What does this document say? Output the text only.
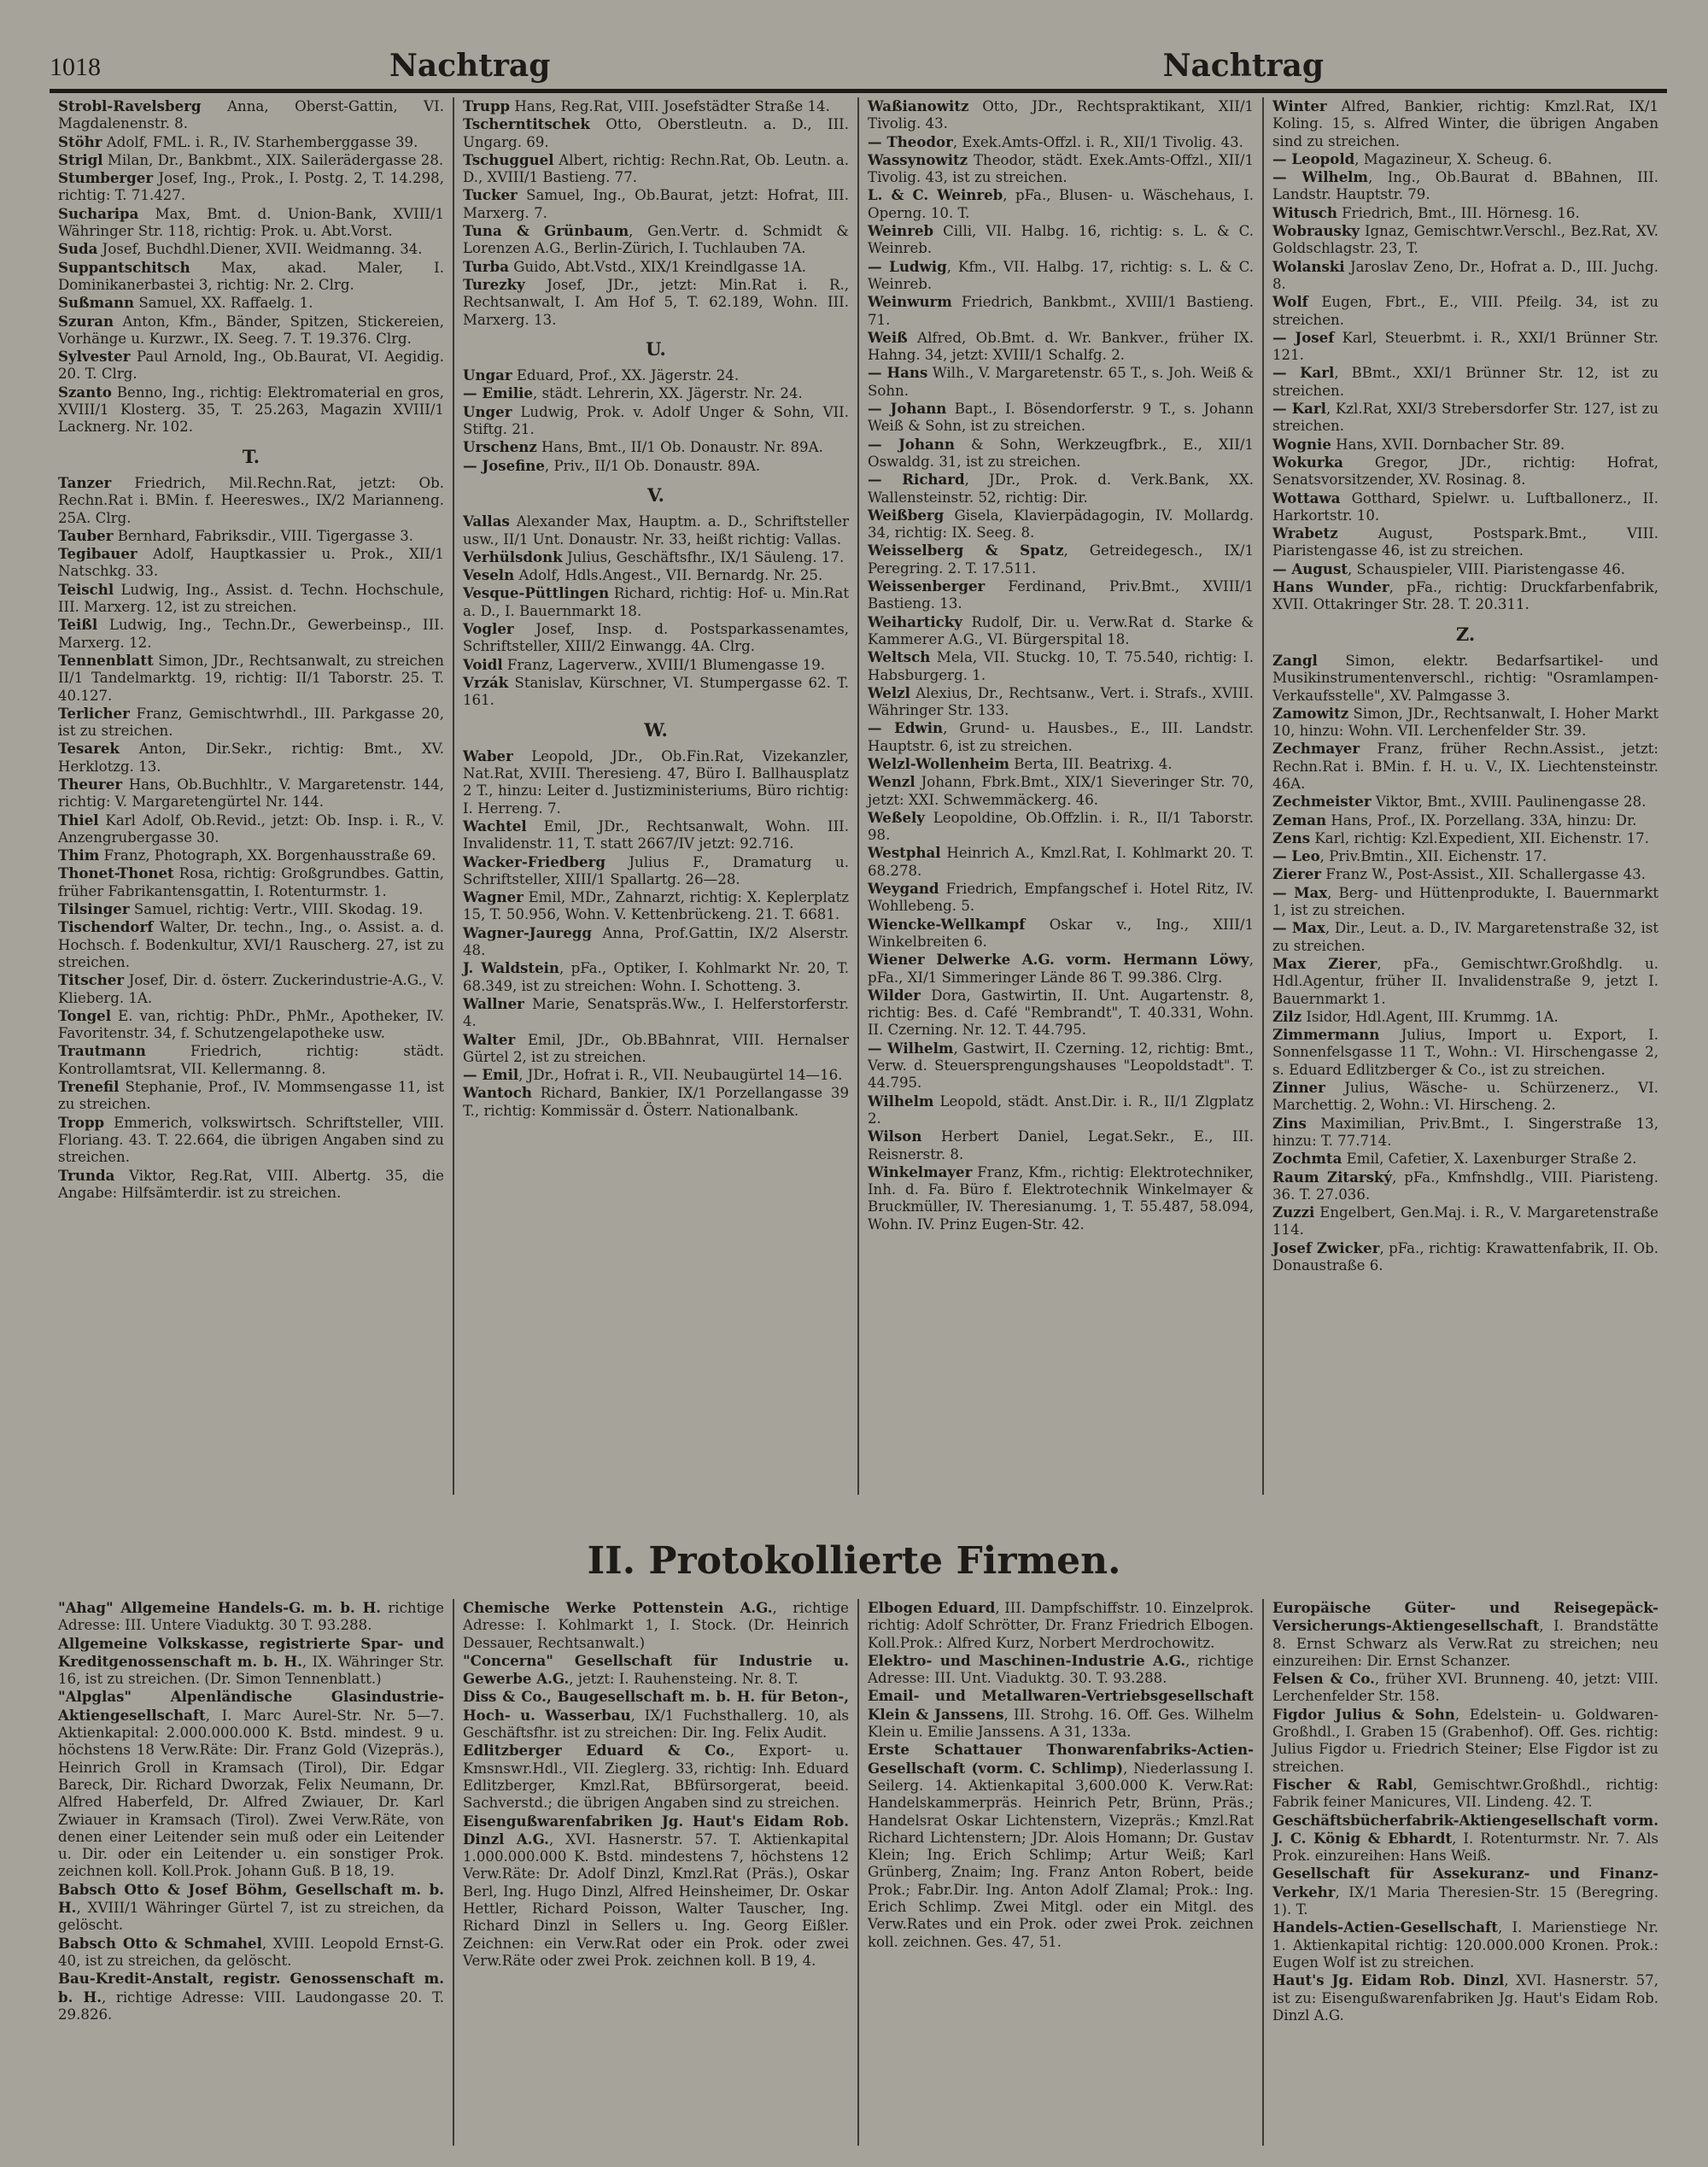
1018	Nachtrag	Nachtrag
Strobl-Ravelsberg Anna, Oberst-Gattin, VI. Magdalenenstr. 8.
Stöhr Adolf, FML. i. R., IV. Starhemberggasse 39.
Strigl Milan, Dr., Bankbmt., XIX. Sailerädergasse 28.
Stumberger Josef, Ing., Prok., I. Postg. 2, T. 14.298, richtig: T. 71.427.
Sucharipa Max, Bmt. d. Union-Bank, XVIII/1 Währinger Str. 118, richtig: Prok. u. Abt.Vorst.
Suda Josef, Buchdhl.Diener, XVII. Weidmanng. 34.
Suppantschitsch Max, akad. Maler, I. Dominikanerbastei 3, richtig: Nr. 2. Clrg.
Sußmann Samuel, XX. Raffaelg. 1.
Szuran Anton, Kfm., Bänder, Spitzen, Stickereien, Vorhänge u. Kurzwr., IX. Seeg. 7. T. 19.376. Clrg.
Sylvester Paul Arnold, Ing., Ob.Baurat, VI. Aegidig. 20. T. Clrg.
Szanto Benno, Ing., richtig: Elektromaterial en gros, XVIII/1 Klosterg. 35, T. 25.263, Magazin XVIII/1 Lacknerg. Nr. 102.
T.
Tanzer Friedrich, Mil.Rechn.Rat, jetzt: Ob. Rechn.Rat i. BMin. f. Heereswes., IX/2 Marianneng. 25A. Clrg.
Tauber Bernhard, Fabriksdir., VIII. Tigergasse 3.
Tegibauer Adolf, Hauptkassier u. Prok., XII/1 Natschkg. 33.
Teischl Ludwig, Ing., Assist. d. Techn. Hochschule, III. Marxerg. 12, ist zu streichen.
Teißl Ludwig, Ing., Techn.Dr., Gewerbeinsp., III. Marxerg. 12.
Tennenblatt Simon, JDr., Rechtsanwalt, zu streichen II/1 Tandelmarktg. 19, richtig: II/1 Taborstr. 25. T. 40.127.
Terlicher Franz, Gemischtwrhdl., III. Parkgasse 20, ist zu streichen.
Tesarek Anton, Dir.Sekr., richtig: Bmt., XV. Herklotzg. 13.
Theurer Hans, Ob.Buchhltr., V. Margaretenstr. 144, richtig: V. Margaretengürtel Nr. 144.
Thiel Karl Adolf, Ob.Revid., jetzt: Ob. Insp. i. R., V. Anzengrubergasse 30.
Thim Franz, Photograph, XX. Borgenhausstraße 69.
Thonet-Thonet Rosa, richtig: Großgrundbes. Gattin, früher Fabrikantensgattin, I. Rotenturmstr. 1.
Tilsinger Samuel, richtig: Vertr., VIII. Skodag. 19.
Tischendorf Walter, Dr. techn., Ing., o. Assist. a. d. Hochsch. f. Bodenkultur, XVI/1 Rauscherg. 27, ist zu streichen.
Titscher Josef, Dir. d. österr. Zuckerindustrie-A.G., V. Klieberg. 1A.
Tongel E. van, richtig: PhDr., PhMr., Apotheker, IV. Favoritenstr. 34, f. Schutzengelapotheke usw.
Trautmann Friedrich, richtig: städt. Kontrollamtsrat, VII. Kellermanng. 8.
Trenefil Stephanie, Prof., IV. Mommsengasse 11, ist zu streichen.
Tropp Emmerich, volkswirtsch. Schriftsteller, VIII. Floriang. 43. T. 22.664, die übrigen Angaben sind zu streichen.
Trunda Viktor, Reg.Rat, VIII. Albertg. 35, die Angabe: Hilfsämterdir. ist zu streichen.
Trupp Hans, Reg.Rat, VIII. Josefstädter Straße 14.
Tscherntitschek Otto, Oberstleutn. a. D., III. Ungarg. 69.
Tschugguel Albert, richtig: Rechn.Rat, Ob. Leutn. a. D., XVIII/1 Bastieng. 77.
Tucker Samuel, Ing., Ob.Baurat, jetzt: Hofrat, III. Marxerg. 7.
Tuna & Grünbaum, Gen.Vertr. d. Schmidt & Lorenzen A.G., Berlin-Zürich, I. Tuchlauben 7A.
Turba Guido, Abt.Vstd., XIX/1 Kreindlgasse 1A.
Turezky Josef, JDr., jetzt: Min.Rat i. R., Rechtsanwalt, I. Am Hof 5, T. 62.189, Wohn. III. Marxerg. 13.
U.
Ungar Eduard, Prof., XX. Jägerstr. 24.
— Emilie, städt. Lehrerin, XX. Jägerstr. Nr. 24.
Unger Ludwig, Prok. v. Adolf Unger & Sohn, VII. Stiftg. 21.
Urschenz Hans, Bmt., II/1 Ob. Donaustr. Nr. 89A.
— Josefine, Priv., II/1 Ob. Donaustr. 89A.
V.
Vallas Alexander Max, Hauptm. a. D., Schriftsteller usw., II/1 Unt. Donaustr. Nr. 33, heißt richtig: Vallas.
Verhülsdonk Julius, Geschäftsfhr., IX/1 Säuleng. 17.
Veseln Adolf, Hdls.Angest., VII. Bernardg. Nr. 25.
Vesque-Püttlingen Richard, richtig: Hof- u. Min.Rat a. D., I. Bauernmarkt 18.
Vogler Josef, Insp. d. Postsparkassenamtes, Schriftsteller, XIII/2 Einwangg. 4A. Clrg.
Voidl Franz, Lagerverw., XVIII/1 Blumengasse 19.
Vrzák Stanislav, Kürschner, VI. Stumpergasse 62. T. 161.
W.
Waber Leopold, JDr., Ob.Fin.Rat, Vizekanzler, Nat.Rat, XVIII. Theresieng. 47, Büro I. Ballhausplatz 2 T., hinzu: Leiter d. Justizministeriums, Büro richtig: I. Herreng. 7.
Wachtel Emil, JDr., Rechtsanwalt, Wohn. III. Invalidenstr. 11, T. statt 2667/IV jetzt: 92.716.
Wacker-Friedberg Julius F., Dramaturg u. Schriftsteller, XIII/1 Spallartg. 26—28.
Wagner Emil, MDr., Zahnarzt, richtig: X. Keplerplatz 15, T. 50.956, Wohn. V. Kettenbrückeng. 21. T. 6681.
Wagner-Jauregg Anna, Prof.Gattin, IX/2 Alserstr. 48.
J. Waldstein, pFa., Optiker, I. Kohlmarkt Nr. 20, T. 68.349, ist zu streichen: Wohn. I. Schotteng. 3.
Wallner Marie, Senatspräs.Ww., I. Helferstorferstr. 4.
Walter Emil, JDr., Ob.BBahnrat, VIII. Hernalser Gürtel 2, ist zu streichen.
— Emil, JDr., Hofrat i. R., VII. Neubaugürtel 14—16.
Wantoch Richard, Bankier, IX/1 Porzellangasse 39 T., richtig: Kommissär d. Österr. Nationalbank.
Waßianowitz Otto, JDr., Rechtspraktikant, XII/1 Tivolig. 43.
— Theodor, Exek.Amts-Offzl. i. R., XII/1 Tivolig. 43.
Wassynowitz Theodor, städt. Exek.Amts-Offzl., XII/1 Tivolig. 43, ist zu streichen.
L. & C. Weinreb, pFa., Blusen- u. Wäschehaus, I. Operng. 10. T.
Weinreb Cilli, VII. Halbg. 16, richtig: s. L. & C. Weinreb.
— Ludwig, Kfm., VII. Halbg. 17, richtig: s. L. & C. Weinreb.
Weinwurm Friedrich, Bankbmt., XVIII/1 Bastieng. 71.
Weiß Alfred, Ob.Bmt. d. Wr. Bankver., früher IX. Hahng. 34, jetzt: XVIII/1 Schalfg. 2.
— Hans Wilh., V. Margaretenstr. 65 T., s. Joh. Weiß & Sohn.
— Johann Bapt., I. Bösendorferstr. 9 T., s. Johann Weiß & Sohn, ist zu streichen.
— Johann & Sohn, Werkzeugfbrk., E., XII/1 Oswaldg. 31, ist zu streichen.
— Richard, JDr., Prok. d. Verk.Bank, XX. Wallensteinstr. 52, richtig: Dir.
Weißberg Gisela, Klavierpädagogin, IV. Mollardg. 34, richtig: IX. Seeg. 8.
Weisselberg & Spatz, Getreidegesch., IX/1 Peregring. 2. T. 17.511.
Weissenberger Ferdinand, Priv.Bmt., XVIII/1 Bastieng. 13.
Weiharticky Rudolf, Dir. u. Verw.Rat d. Starke & Kammerer A.G., VI. Bürgerspital 18.
Weltsch Mela, VII. Stuckg. 10, T. 75.540, richtig: I. Habsburgerg. 1.
Welzl Alexius, Dr., Rechtsanw., Vert. i. Strafs., XVIII. Währinger Str. 133.
— Edwin, Grund- u. Hausbes., E., III. Landstr. Hauptstr. 6, ist zu streichen.
Welzl-Wollenheim Berta, III. Beatrixg. 4.
Wenzl Johann, Fbrk.Bmt., XIX/1 Sieveringer Str. 70, jetzt: XXI. Schwemmäckerg. 46.
Weßely Leopoldine, Ob.Offzlin. i. R., II/1 Taborstr. 98.
Westphal Heinrich A., Kmzl.Rat, I. Kohlmarkt 20. T. 68.278.
Weygand Friedrich, Empfangschef i. Hotel Ritz, IV. Wohllebeng. 5.
Wiencke-Wellkampf Oskar v., Ing., XIII/1 Winkelbreiten 6.
Wiener Delwerke A.G. vorm. Hermann Löwy, pFa., XI/1 Simmeringer Lände 86 T. 99.386. Clrg.
Wilder Dora, Gastwirtin, II. Unt. Augartenstr. 8, richtig: Bes. d. Café "Rembrandt", T. 40.331, Wohn. II. Czerning. Nr. 12. T. 44.795.
— Wilhelm, Gastwirt, II. Czerning. 12, richtig: Bmt., Verw. d. Steuersprengungshauses "Leopoldstadt". T. 44.795.
Wilhelm Leopold, städt. Anst.Dir. i. R., II/1 Zlgplatz 2.
Wilson Herbert Daniel, Legat.Sekr., E., III. Reisnerstr. 8.
Winkelmayer Franz, Kfm., richtig: Elektrotechniker, Inh. d. Fa. Büro f. Elektrotechnik Winkelmayer & Bruckmüller, IV. Theresianumg. 1, T. 55.487, 58.094, Wohn. IV. Prinz Eugen-Str. 42.
Winter Alfred, Bankier, richtig: Kmzl.Rat, IX/1 Koling. 15, s. Alfred Winter, die übrigen Angaben sind zu streichen.
— Leopold, Magazineur, X. Scheug. 6.
— Wilhelm, Ing., Ob.Baurat d. BBahnen, III. Landstr. Hauptstr. 79.
Witusch Friedrich, Bmt., III. Hörnesg. 16.
Wobrausky Ignaz, Gemischtwr.Verschl., Bez.Rat, XV. Goldschlagstr. 23, T.
Wolanski Jaroslav Zeno, Dr., Hofrat a. D., III. Juchg. 8.
Wolf Eugen, Fbrt., E., VIII. Pfeilg. 34, ist zu streichen.
— Josef Karl, Steuerbmt. i. R., XXI/1 Brünner Str. 121.
— Karl, BBmt., XXI/1 Brünner Str. 12, ist zu streichen.
— Karl, Kzl.Rat, XXI/3 Strebersdorfer Str. 127, ist zu streichen.
Wognie Hans, XVII. Dornbacher Str. 89.
Wokurka Gregor, JDr., richtig: Hofrat, Senatsvorsitzender, XV. Rosinag. 8.
Wottawa Gotthard, Spielwr. u. Luftballonerz., II. Harkortstr. 10.
Wrabetz August, Postspark.Bmt., VIII. Piaristengasse 46, ist zu streichen.
— August, Schauspieler, VIII. Piaristengasse 46.
Hans Wunder, pFa., richtig: Druckfarbenfabrik, XVII. Ottakringer Str. 28. T. 20.311.
Z.
Zangl Simon, elektr. Bedarfsartikel- und Musikinstrumentenverschl., richtig: "Osramlampen-Verkaufsstelle", XV. Palmgasse 3.
Zamowitz Simon, JDr., Rechtsanwalt, I. Hoher Markt 10, hinzu: Wohn. VII. Lerchenfelder Str. 39.
Zechmayer Franz, früher Rechn.Assist., jetzt: Rechn.Rat i. BMin. f. H. u. V., IX. Liechtensteinstr. 46A.
Zechmeister Viktor, Bmt., XVIII. Paulinengasse 28.
Zeman Hans, Prof., IX. Porzellang. 33A, hinzu: Dr.
Zens Karl, richtig: Kzl.Expedient, XII. Eichenstr. 17.
— Leo, Priv.Bmtin., XII. Eichenstr. 17.
Zierer Franz W., Post-Assist., XII. Schallergasse 43.
— Max, Berg- und Hüttenprodukte, I. Bauernmarkt 1, ist zu streichen.
— Max, Dir., Leut. a. D., IV. Margaretenstraße 32, ist zu streichen.
Max Zierer, pFa., Gemischtwr.Großhdlg. u. Hdl.Agentur, früher II. Invalidenstraße 9, jetzt I. Bauernmarkt 1.
Zilz Isidor, Hdl.Agent, III. Krummg. 1A.
Zimmermann Julius, Import u. Export, I. Sonnenfelsgasse 11 T., Wohn.: VI. Hirschengasse 2, s. Eduard Edlitzberger & Co., ist zu streichen.
Zinner Julius, Wäsche- u. Schürzenerz., VI. Marchettig. 2, Wohn.: VI. Hirscheng. 2.
Zins Maximilian, Priv.Bmt., I. Singerstraße 13, hinzu: T. 77.714.
Zochmta Emil, Cafetier, X. Laxenburger Straße 2.
Raum Zitarský, pFa., Kmfnshdlg., VIII. Piaristeng. 36. T. 27.036.
Zuzzi Engelbert, Gen.Maj. i. R., V. Margaretenstraße 114.
Josef Zwicker, pFa., richtig: Krawattenfabrik, II. Ob. Donaustraße 6.
II. Protokollierte Firmen.
"Ahag" Allgemeine Handels-G. m. b. H. richtige Adresse: III. Untere Viaduktg. 30 T. 93.288.
Allgemeine Volkskasse, registrierte Spar- und Kreditgenossenschaft m. b. H., IX. Währinger Str. 16, ist zu streichen. (Dr. Simon Tennenblatt.)
"Alpglas" Alpenländische Glasindustrie-Aktiengesellschaft, I. Marc Aurel-Str. Nr. 5—7. Aktienkapital: 2.000.000.000 K. Bstd. mindest. 9 u. höchstens 18 Verw.Räte: Dir. Franz Gold (Vizepräs.), Heinrich Groll in Kramsach (Tirol), Dir. Edgar Bareck, Dir. Richard Dworzak, Felix Neumann, Dr. Alfred Haberfeld, Dr. Alfred Zwiauer, Dr. Karl Zwiauer in Kramsach (Tirol). Zwei Verw.Räte, von denen einer Leitender sein muß oder ein Leitender u. Dir. oder ein Leitender u. ein sonstiger Prok. zeichnen koll. Koll.Prok. Johann Guß. B 18, 19.
Babsch Otto & Josef Böhm, Gesellschaft m. b. H., XVIII/1 Währinger Gürtel 7, ist zu streichen, da gelöscht.
Babsch Otto & Schmahel, XVIII. Leopold Ernst-G. 40, ist zu streichen, da gelöscht.
Bau-Kredit-Anstalt, registr. Genossenschaft m. b. H., richtige Adresse: VIII. Laudongasse 20. T. 29.826.
Chemische Werke Pottenstein A.G., richtige Adresse: I. Kohlmarkt 1, I. Stock. (Dr. Heinrich Dessauer, Rechtsanwalt.)
"Concerna" Gesellschaft für Industrie u. Gewerbe A.G., jetzt: I. Rauhensteing. Nr. 8. T.
Diss & Co., Baugesellschaft m. b. H. für Beton-, Hoch- u. Wasserbau, IX/1 Fuchsthallerg. 10, als Geschäftsfhr. ist zu streichen: Dir. Ing. Felix Audit.
Edlitzberger Eduard & Co., Export- u. Kmsnswr.Hdl., VII. Zieglerg. 33, richtig: Inh. Eduard Edlitzberger, Kmzl.Rat, BBfürsorgerat, beeid. Sachverstd.; die übrigen Angaben sind zu streichen.
Eisengußwarenfabriken Jg. Haut's Eidam Rob. Dinzl A.G., XVI. Hasnerstr. 57. T. Aktienkapital 1.000.000.000 K. Bstd. mindestens 7, höchstens 12 Verw.Räte: Dr. Adolf Dinzl, Kmzl.Rat (Präs.), Oskar Berl, Ing. Hugo Dinzl, Alfred Heinsheimer, Dr. Oskar Hettler, Richard Poisson, Walter Tauscher, Ing. Richard Dinzl in Sellers u. Ing. Georg Eißler. Zeichnen: ein Verw.Rat oder ein Prok. oder zwei Verw.Räte oder zwei Prok. zeichnen koll. B 19, 4.
Elbogen Eduard, III. Dampfschiffstr. 10. Einzelprok. richtig: Adolf Schrötter, Dr. Franz Friedrich Elbogen. Koll.Prok.: Alfred Kurz, Norbert Merdrochowitz.
Elektro- und Maschinen-Industrie A.G., richtige Adresse: III. Unt. Viaduktg. 30. T. 93.288.
Email- und Metallwaren-Vertriebsgesellschaft Klein & Janssens, III. Strohg. 16. Off. Ges. Wilhelm Klein u. Emilie Janssens. A 31, 133a.
Erste Schattauer Thonwarenfabriks-Actien-Gesellschaft (vorm. C. Schlimp), Niederlassung I. Seilerg. 14. Aktienkapital 3,600.000 K. Verw.Rat: Handelskammerpräs. Heinrich Petr, Brünn, Präs.; Handelsrat Oskar Lichtenstern, Vizepräs.; Kmzl.Rat Richard Lichtenstern; JDr. Alois Homann; Dr. Gustav Klein; Ing. Erich Schlimp; Artur Weiß; Karl Grünberg, Znaim; Ing. Franz Anton Robert, beide Prok.; Fabr.Dir. Ing. Anton Adolf Zlamal; Prok.: Ing. Erich Schlimp. Zwei Mitgl. oder ein Mitgl. des Verw.Rates und ein Prok. oder zwei Prok. zeichnen koll. zeichnen. Ges. 47, 51.
Europäische Güter- und Reisegepäck-Versicherungs-Aktiengesellschaft, I. Brandstätte 8. Ernst Schwarz als Verw.Rat zu streichen; neu einzureihen: Dir. Ernst Schanzer.
Felsen & Co., früher XVI. Brunneng. 40, jetzt: VIII. Lerchenfelder Str. 158.
Figdor Julius & Sohn, Edelstein- u. Goldwaren-Großhdl., I. Graben 15 (Grabenhof). Off. Ges. richtig: Julius Figdor u. Friedrich Steiner; Else Figdor ist zu streichen.
Fischer & Rabl, Gemischtwr.Großhdl., richtig: Fabrik feiner Manicures, VII. Lindeng. 42. T.
Geschäftsbücherfabrik-Aktiengesellschaft vorm. J. C. König & Ebhardt, I. Rotenturmstr. Nr. 7. Als Prok. einzureihen: Hans Weiß.
Gesellschaft für Assekuranz- und Finanz-Verkehr, IX/1 Maria Theresien-Str. 15 (Beregring. 1). T.
Handels-Actien-Gesellschaft, I. Marienstiege Nr. 1. Aktienkapital richtig: 120.000.000 Kronen. Prok.: Eugen Wolf ist zu streichen.
Haut's Jg. Eidam Rob. Dinzl, XVI. Hasnerstr. 57, ist zu: Eisengußwarenfabriken Jg. Haut's Eidam Rob. Dinzl A.G.
